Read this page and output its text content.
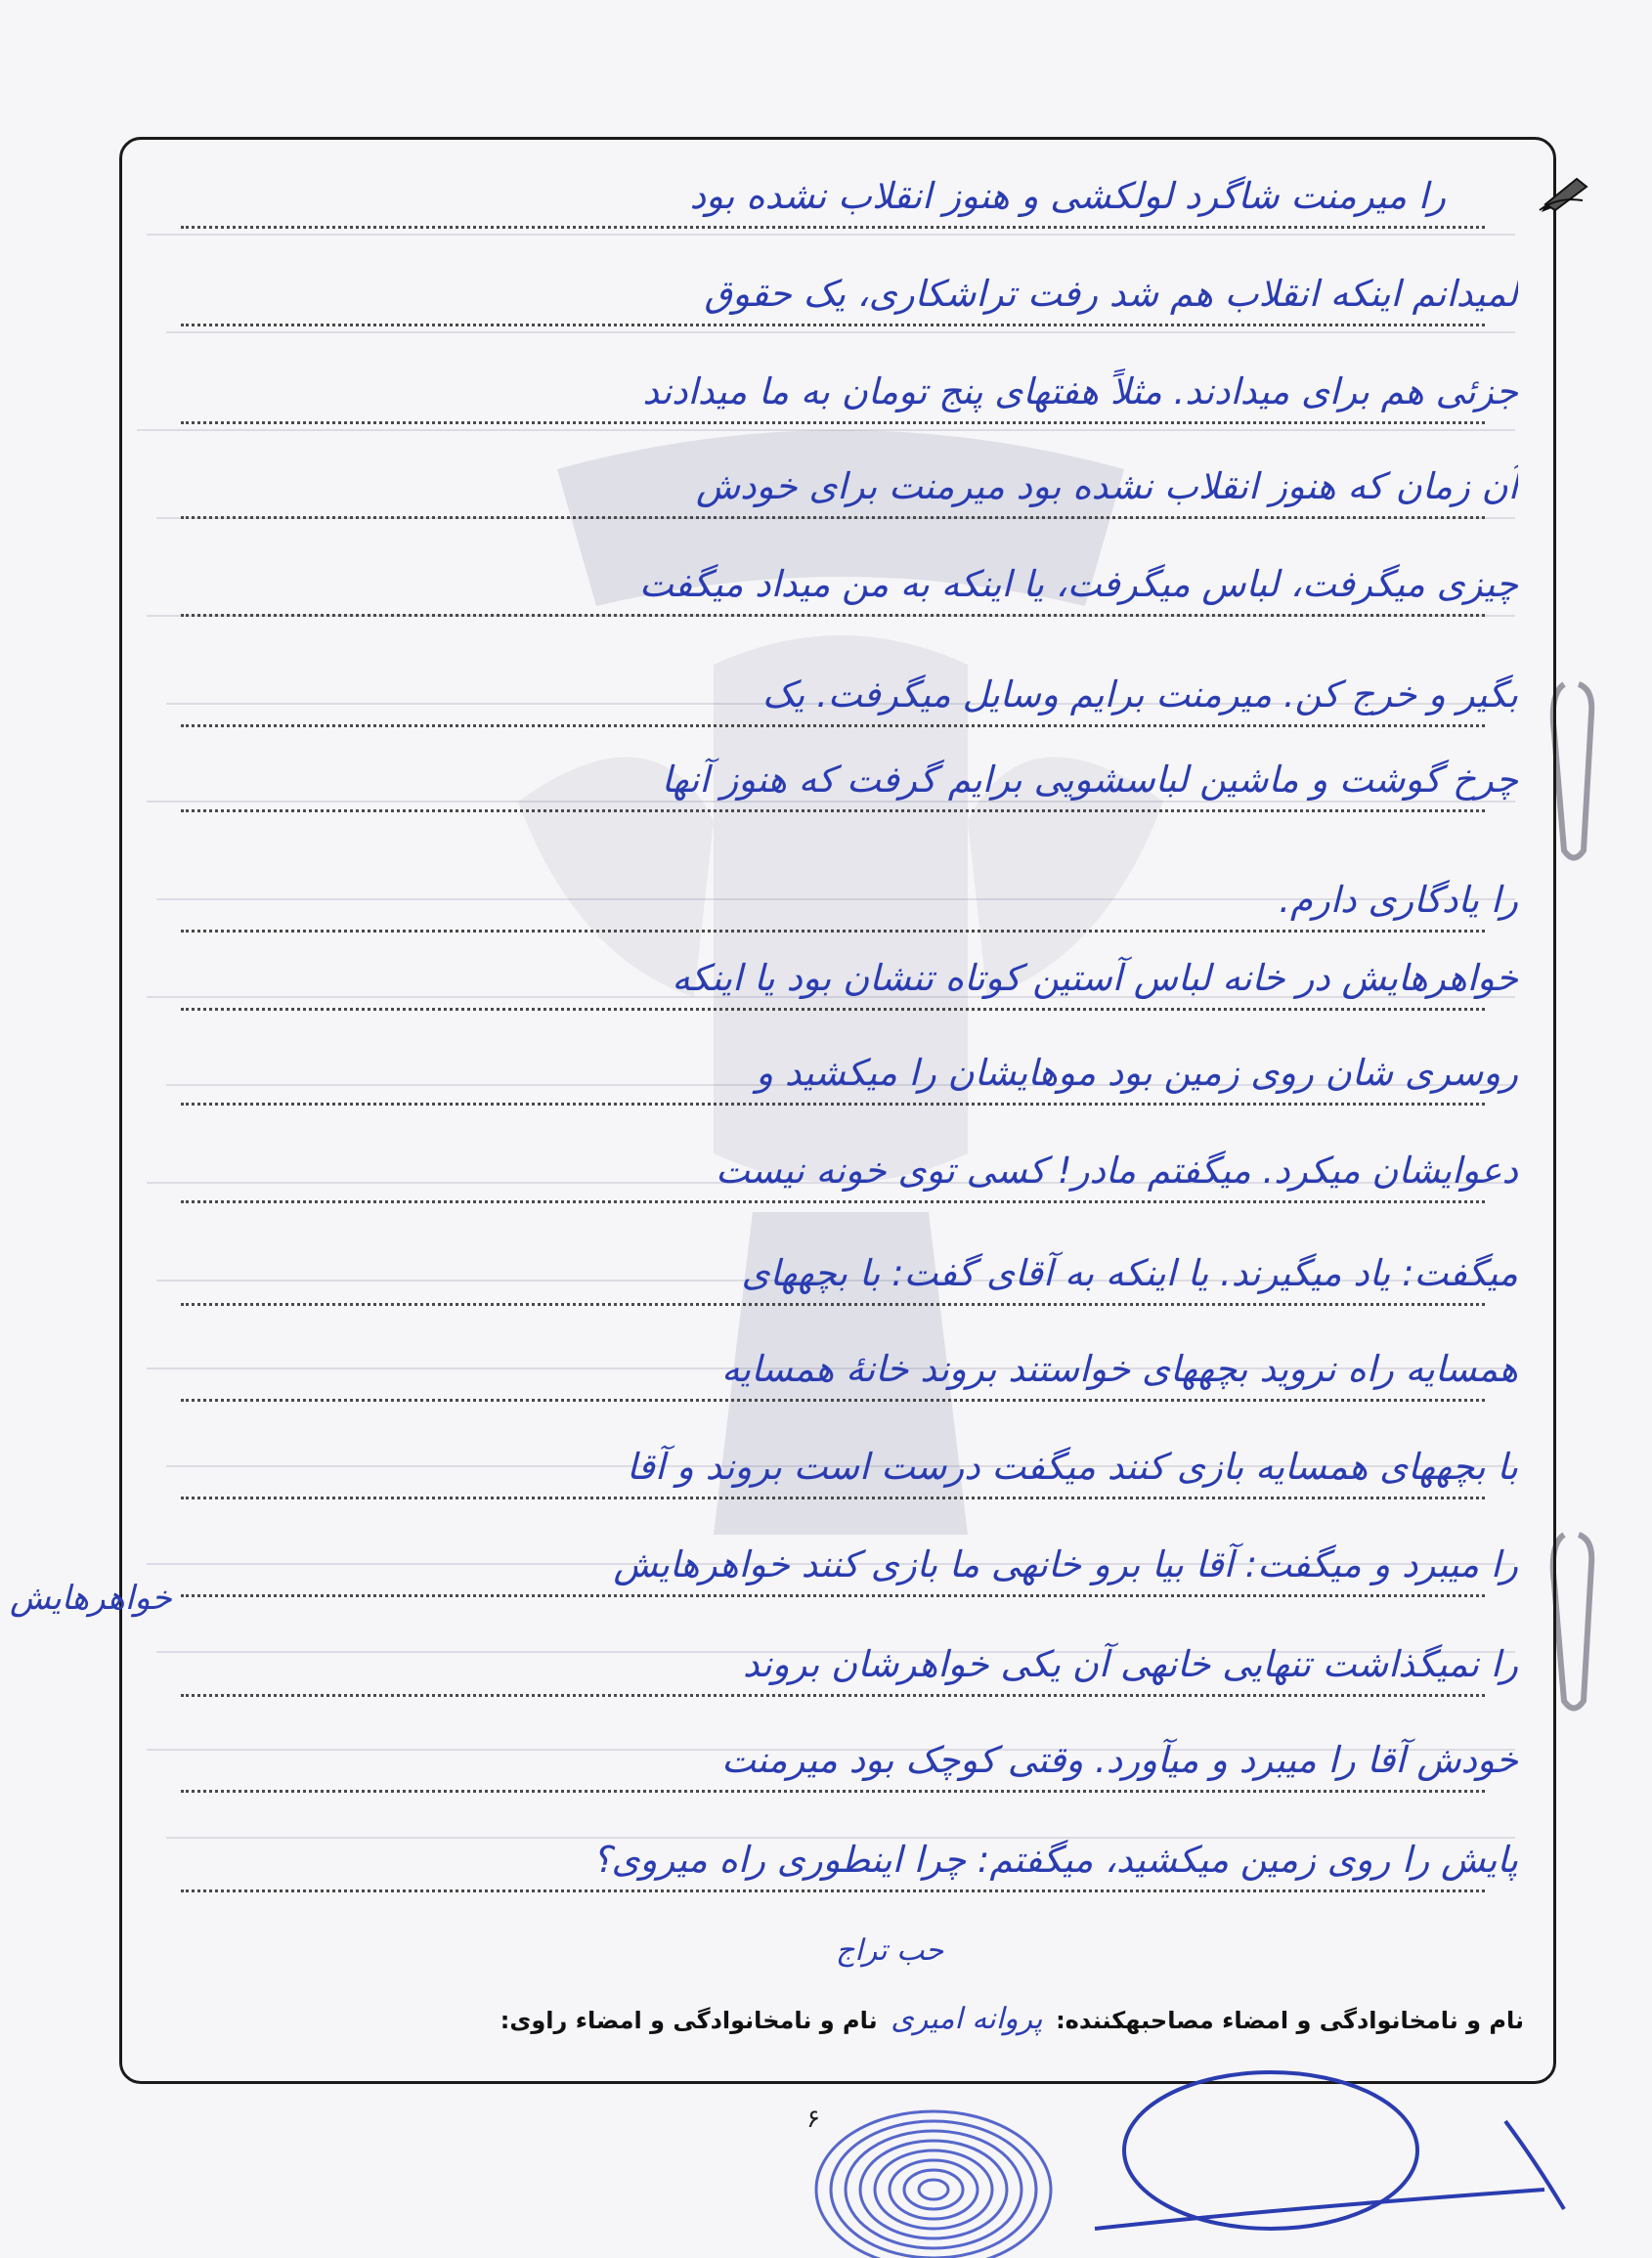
را میرمنت شاگرد لولکشی و هنوز انقلاب نشده بود
لمیدانم اینکه انقلاب هم شد رفت تراشکاری، یک حقوق
جزئی هم برای میدادند. مثلاً هفتهای پنج تومان به ما میدادند
آن زمان که هنوز انقلاب نشده بود میرمنت برای خودش
چیزی میگرفت، لباس میگرفت، یا اینکه به من میداد میگفت
بگیر و خرج کن. میرمنت برایم وسایل میگرفت. یک
چرخ گوشت و ماشین لباسشویی برایم گرفت که هنوز آنها
را یادگاری دارم.
خواهرهایش در خانه لباس آستین کوتاه تنشان بود یا اینکه
روسری شان روی زمین بود موهایشان را میکشید و
دعوایشان میکرد. میگفتم مادر! کسی توی خونه نیست
میگفت: یاد میگیرند. یا اینکه به آقای گفت: با بچههای
همسایه راه نروید بچههای خواستند بروند خانهٔ همسایه
با بچههای همسایه بازی کنند میگفت درست است بروند و آقا
را میبرد و میگفت: آقا بیا برو خانهی ما بازی کنند خواهرهایش
را نمیگذاشت تنهایی خانهی آن یکی خواهرشان بروند
خودش آقا را میبرد و میآورد. وقتی کوچک بود میرمنت
پایش را روی زمین میکشید، میگفتم: چرا اینطوری راه میروی؟
حب تراج
نام و نامخانوادگی و امضاء مصاحبهکننده: پروانه امیری نام و نامخانوادگی و امضاء راوی:
خواهرهایش
۶
